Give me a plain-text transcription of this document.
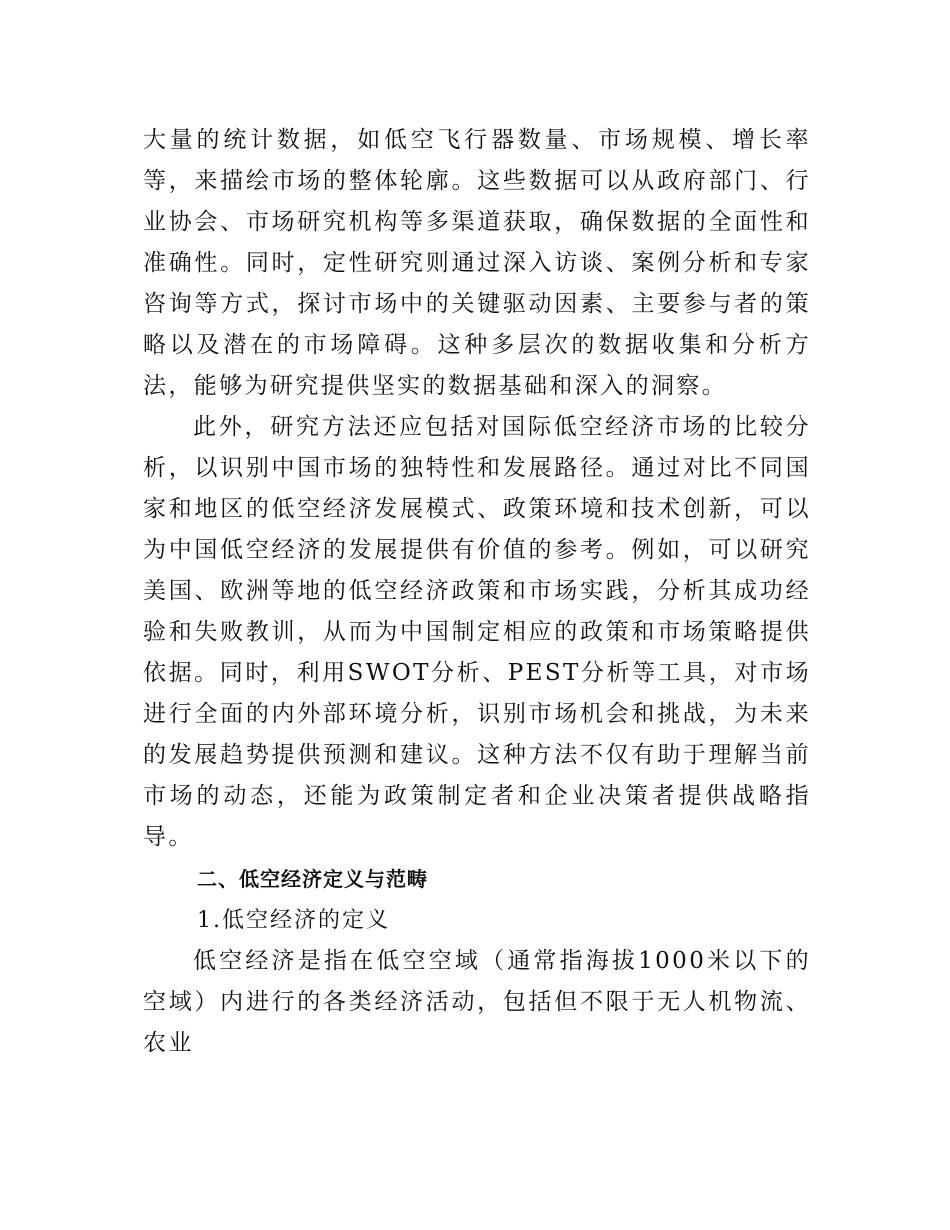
大量的统计数据，如低空飞行器数量、市场规模、增长率等，来描绘市场的整体轮廓。这些数据可以从政府部门、行业协会、市场研究机构等多渠道获取，确保数据的全面性和准确性。同时，定性研究则通过深入访谈、案例分析和专家咨询等方式，探讨市场中的关键驱动因素、主要参与者的策略以及潜在的市场障碍。这种多层次的数据收集和分析方法，能够为研究提供坚实的数据基础和深入的洞察。

此外，研究方法还应包括对国际低空经济市场的比较分析，以识别中国市场的独特性和发展路径。通过对比不同国家和地区的低空经济发展模式、政策环境和技术创新，可以为中国低空经济的发展提供有价值的参考。例如，可以研究美国、欧洲等地的低空经济政策和市场实践，分析其成功经验和失败教训，从而为中国制定相应的政策和市场策略提供依据。同时，利用SWOT分析、PEST分析等工具，对市场进行全面的内外部环境分析，识别市场机会和挑战，为未来的发展趋势提供预测和建议。这种方法不仅有助于理解当前市场的动态，还能为政策制定者和企业决策者提供战略指导。

二、低空经济定义与范畴

1.低空经济的定义

低空经济是指在低空空域（通常指海拔1000米以下的空域）内进行的各类经济活动，包括但不限于无人机物流、农业
